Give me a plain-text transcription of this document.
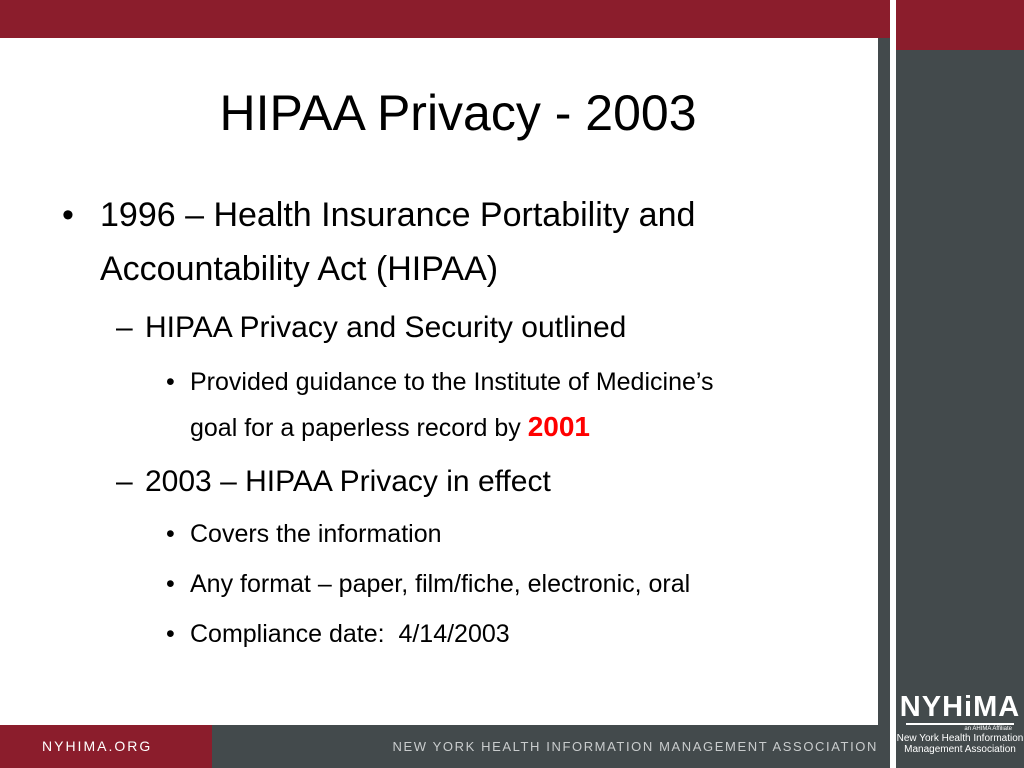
NYHiMA
an AHIMA Affiliate
New York Health Information
Management Association
NYHIMA.ORG	NEW YORK HEALTH INFORMATION MANAGEMENT ASSOCIATION
HIPAA Privacy - 2003
• 1996 – Health Insurance Portability and
Accountability Act (HIPAA)
– HIPAA Privacy and Security outlined
• Provided guidance to the Institute of Medicine’s
goal for a paperless record by 2001
– 2003 – HIPAA Privacy in effect
• Covers the information
• Any format – paper, film/fiche, electronic, oral
• Compliance date:  4/14/2003
